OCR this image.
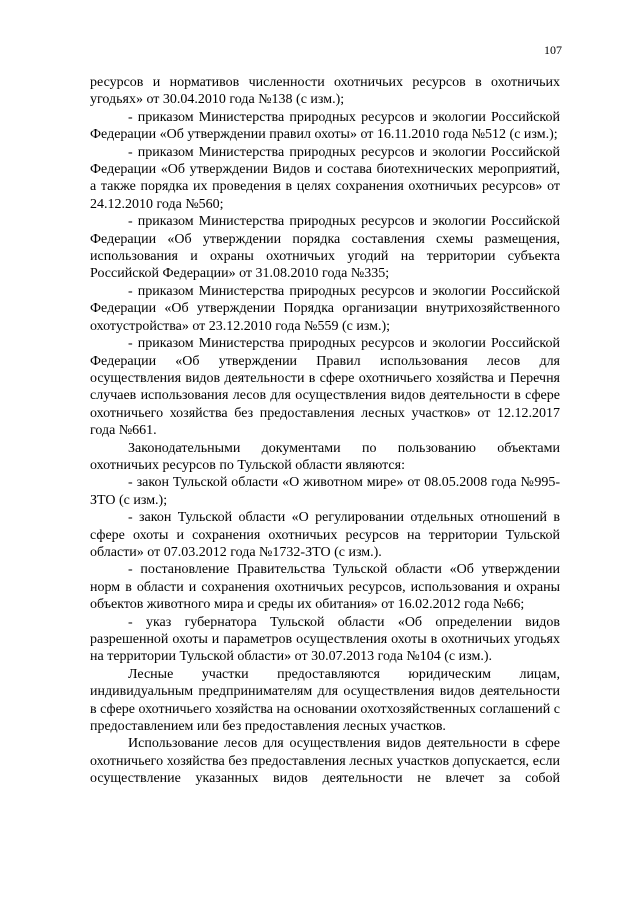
107

ресурсов и нормативов численности охотничьих ресурсов в охотничьих угодьях» от 30.04.2010 года №138 (с изм.);

- приказом Министерства природных ресурсов и экологии Российской Федерации «Об утверждении правил охоты» от 16.11.2010 года №512 (с изм.);

- приказом Министерства природных ресурсов и экологии Российской Федерации «Об утверждении Видов и состава биотехнических мероприятий, а также порядка их проведения в целях сохранения охотничьих ресурсов» от 24.12.2010 года №560;

- приказом Министерства природных ресурсов и экологии Российской Федерации «Об утверждении порядка составления схемы размещения, использования и охраны охотничьих угодий на территории субъекта Российской Федерации» от 31.08.2010 года №335;

- приказом Министерства природных ресурсов и экологии Российской Федерации «Об утверждении Порядка организации внутрихозяйственного охотустройства» от 23.12.2010 года №559 (с изм.);

- приказом Министерства природных ресурсов и экологии Российской Федерации «Об утверждении Правил использования лесов для осуществления видов деятельности в сфере охотничьего хозяйства и Перечня случаев использования лесов для осуществления видов деятельности в сфере охотничьего хозяйства без предоставления лесных участков» от 12.12.2017 года №661.

Законодательными документами по пользованию объектами охотничьих ресурсов по Тульской области являются:

- закон Тульской области «О животном мире» от 08.05.2008 года №995-ЗТО (с изм.);

- закон Тульской области «О регулировании отдельных отношений в сфере охоты и сохранения охотничьих ресурсов на территории Тульской области» от 07.03.2012 года №1732-ЗТО (с изм.).

- постановление Правительства Тульской области «Об утверждении норм в области и сохранения охотничьих ресурсов, использования и охраны объектов животного мира и среды их обитания» от 16.02.2012 года №66;

- указ губернатора Тульской области «Об определении видов разрешенной охоты и параметров осуществления охоты в охотничьих угодьях на территории Тульской области» от 30.07.2013 года №104 (с изм.).

Лесные участки предоставляются юридическим лицам, индивидуальным предпринимателям для осуществления видов деятельности в сфере охотничьего хозяйства на основании охотхозяйственных соглашений с предоставлением или без предоставления лесных участков.

Использование лесов для осуществления видов деятельности в сфере охотничьего хозяйства без предоставления лесных участков допускается, если осуществление указанных видов деятельности не влечет за собой
